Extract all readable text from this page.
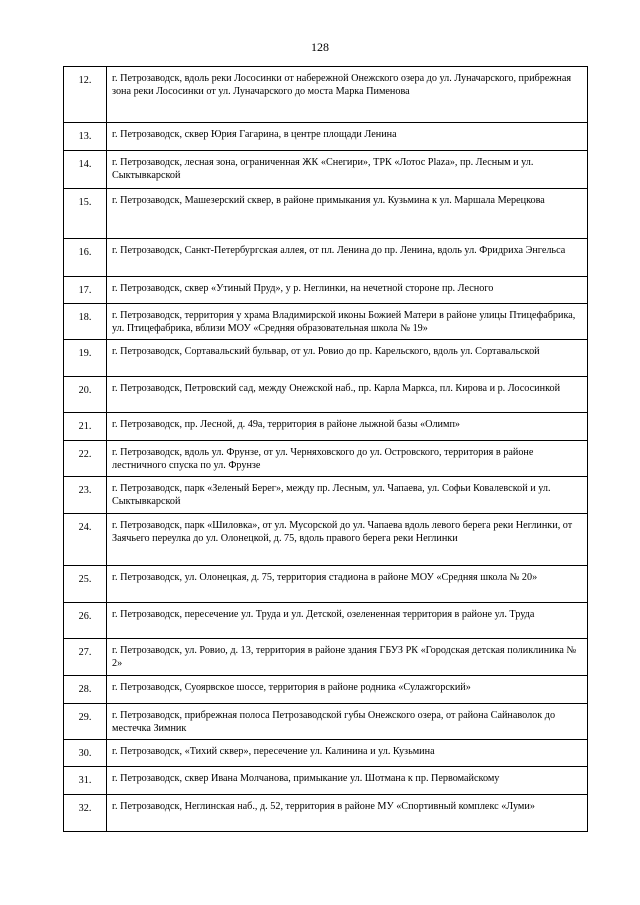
128
12.	г. Петрозаводск, вдоль реки Лососинки от набережной Онежского озера до ул. Луначарского, прибрежная зона реки Лососинки от ул. Луначарского до моста Марка Пименова
13.	г. Петрозаводск, сквер Юрия Гагарина, в центре площади Ленина
14.	г. Петрозаводск, лесная зона, ограниченная ЖК «Снегири», ТРК «Лотос Plaza», пр. Лесным и ул. Сыктывкарской
15.	г. Петрозаводск, Машезерский сквер, в районе примыкания ул. Кузьмина к ул. Маршала Мерецкова
16.	г. Петрозаводск, Санкт-Петербургская аллея, от пл. Ленина до пр. Ленина, вдоль ул. Фридриха Энгельса
17.	г. Петрозаводск, сквер «Утиный Пруд», у р. Неглинки, на нечетной стороне пр. Лесного
18.	г. Петрозаводск, территория у храма Владимирской иконы Божией Матери в районе улицы Птицефабрика, ул. Птицефабрика, вблизи МОУ «Средняя образовательная школа № 19»
19.	г. Петрозаводск, Сортавальский бульвар, от ул. Ровио до пр. Карельского, вдоль ул. Сортавальской
20.	г. Петрозаводск, Петровский сад, между Онежской наб., пр. Карла Маркса, пл. Кирова и р. Лососинкой
21.	г. Петрозаводск, пр. Лесной, д. 49а, территория в районе лыжной базы «Олимп»
22.	г. Петрозаводск, вдоль ул. Фрунзе, от ул. Черняховского до ул. Островского, территория в районе лестничного спуска по ул. Фрунзе
23.	г. Петрозаводск, парк «Зеленый Берег», между пр. Лесным, ул. Чапаева, ул. Софьи Ковалевской и ул. Сыктывкарской
24.	г. Петрозаводск, парк «Шиловка», от ул. Мусорской до ул. Чапаева вдоль левого берега реки Неглинки, от Заячьего переулка до ул. Олонецкой, д. 75, вдоль правого берега реки Неглинки
25.	г. Петрозаводск, ул. Олонецкая, д. 75, территория стадиона в районе МОУ «Средняя школа № 20»
26.	г. Петрозаводск, пересечение ул. Труда и ул. Детской, озелененная территория в районе ул. Труда
27.	г. Петрозаводск, ул. Ровио, д. 13, территория в районе здания ГБУЗ РК «Городская детская поликлиника № 2»
28.	г. Петрозаводск, Суоярвское шоссе, территория в районе родника «Сулажгорский»
29.	г. Петрозаводск, прибрежная полоса Петрозаводской губы Онежского озера, от района Сайнаволок до местечка Зимник
30.	г. Петрозаводск, «Тихий сквер», пересечение ул. Калинина и ул. Кузьмина
31.	г. Петрозаводск, сквер Ивана Молчанова, примыкание ул. Шотмана к пр. Первомайскому
32.	г. Петрозаводск, Неглинская наб., д. 52, территория в районе МУ «Спортивный комплекс «Луми»
